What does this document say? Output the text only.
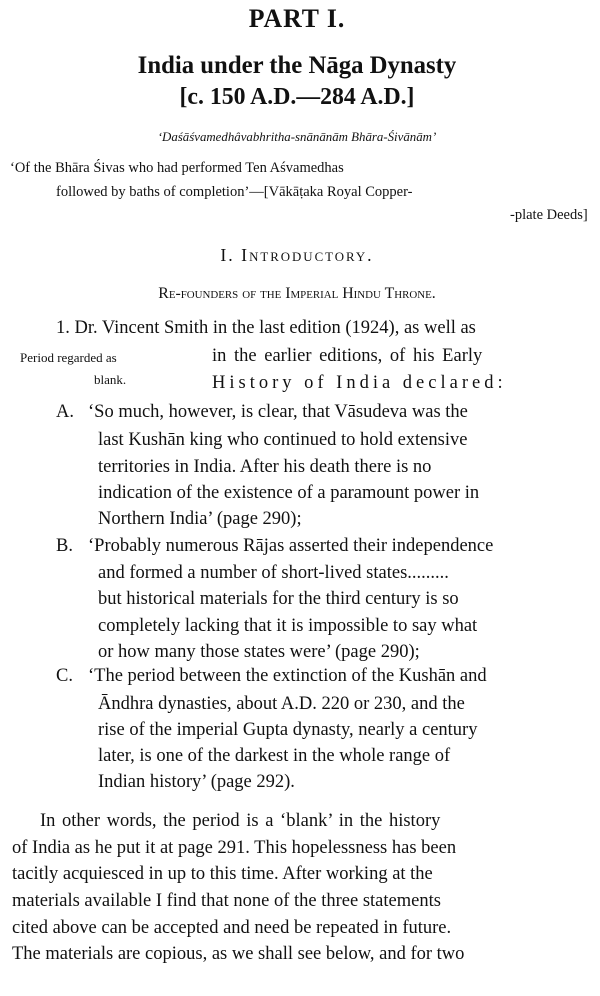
PART I.
India under the Nāga Dynasty
[c. 150 A.D.—284 A.D.]
‘Daśāśvamedhâvabhritha-snānānām Bhāra-Śivānām’
‘Of the Bhāra Śivas who had performed Ten Aśvamedhas
followed by baths of completion’—[Vākāṭaka Royal Copper-
-plate Deeds]
I. Introductory.
Re-founders of the Imperial Hindu Throne.
1. Dr. Vincent Smith in the last edition (1924), as well as
Period regarded as
blank.
in the earlier editions, of his Early
History of India declared:
A. ‘So much, however, is clear, that Vāsudeva was the
last Kushān king who continued to hold extensive
territories in India. After his death there is no
indication of the existence of a paramount power in
Northern India’ (page 290);
B. ‘Probably numerous Rājas asserted their independence
and formed a number of short-lived states.........
but historical materials for the third century is so
completely lacking that it is impossible to say what
or how many those states were’ (page 290);
C. ‘The period between the extinction of the Kushān and
Āndhra dynasties, about A.D. 220 or 230, and the
rise of the imperial Gupta dynasty, nearly a century
later, is one of the darkest in the whole range of
Indian history’ (page 292).
In other words, the period is a ‘blank’ in the history
of India as he put it at page 291. This hopelessness has been
tacitly acquiesced in up to this time. After working at the
materials available I find that none of the three statements
cited above can be accepted and need be repeated in future.
The materials are copious, as we shall see below, and for two
